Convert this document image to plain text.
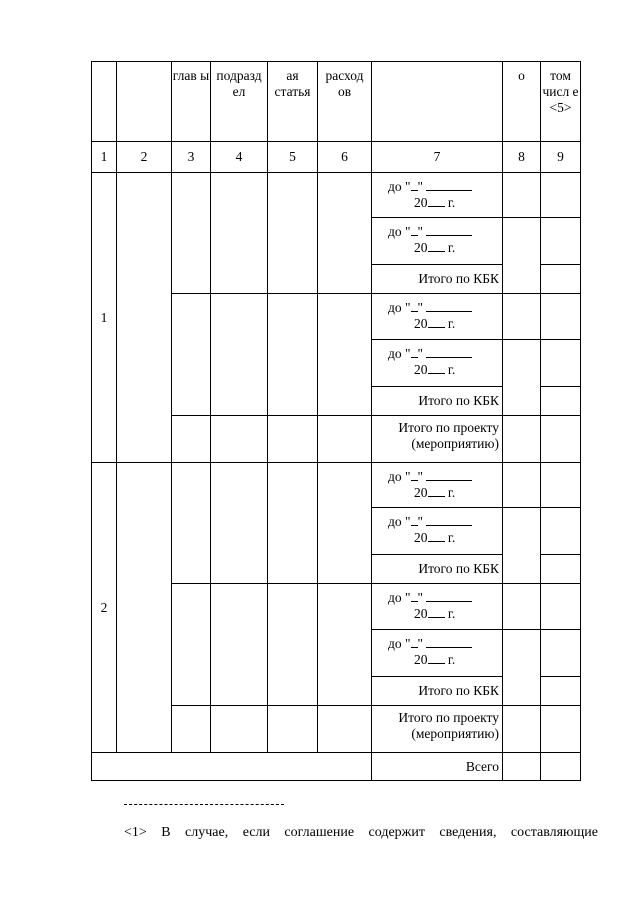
		глав ы	подразд ел	ая статья	расход ов		о	том числ е <5>
1	2	3	4	5	6	7	8	9
1						до " "
20 г.		

						до " "
20 г.		

						Итого по КБК		

						до " "
20 г.		

						до " "
20 г.		

						Итого по КБК		

						Итого по проекту
(мероприятию)		

2						до " "
20 г.		

						до " "
20 г.		

						Итого по КБК		

						до " "
20 г.		

						до " "
20 г.		

						Итого по КБК		

						Итого по проекту
(мероприятию)		

						Всего		
<1> В случае, если соглашение содержит сведения, составляющие
